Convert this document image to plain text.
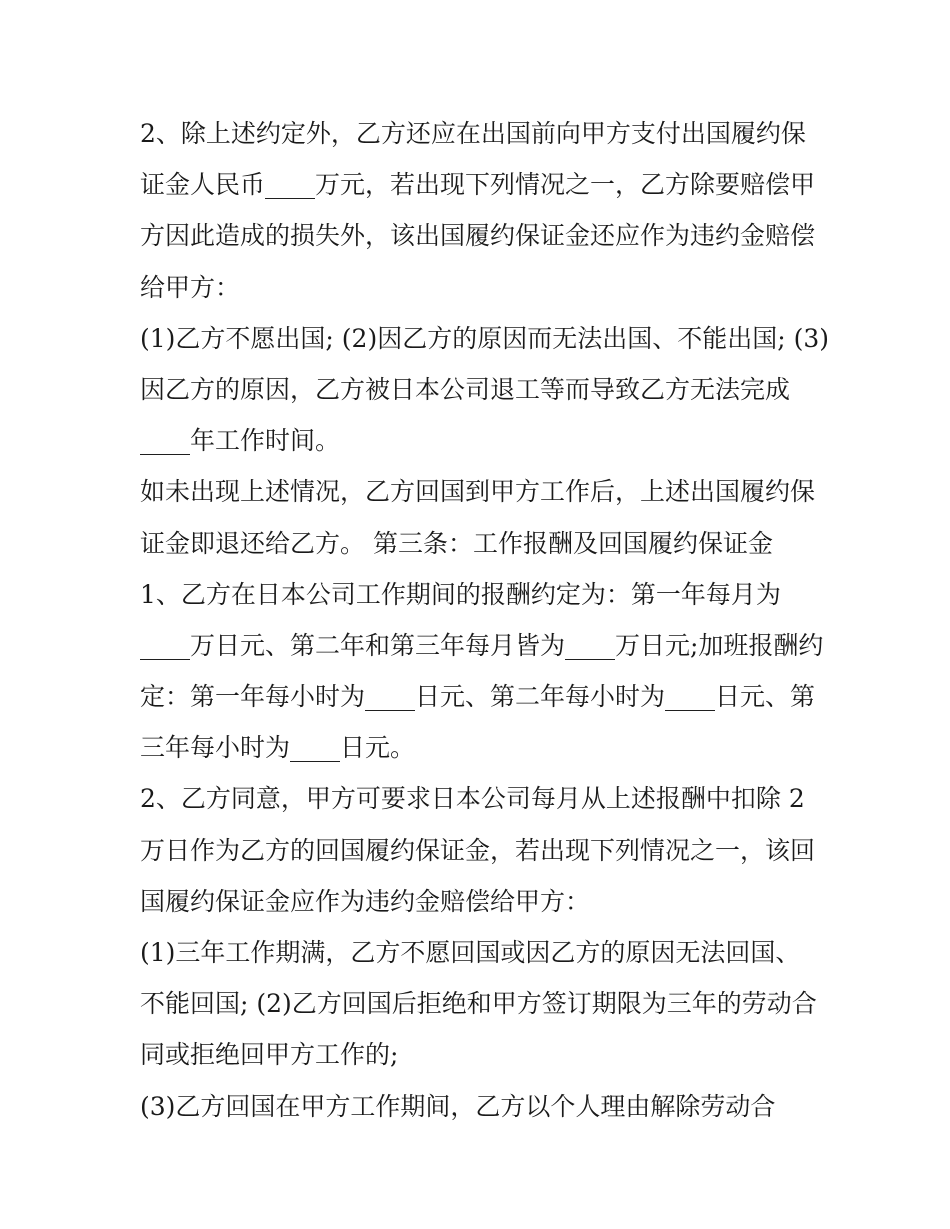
2、除上述约定外，乙方还应在出国前向甲方支付出国履约保
证金人民币____万元，若出现下列情况之一，乙方除要赔偿甲
方因此造成的损失外，该出国履约保证金还应作为违约金赔偿
给甲方：
(1)乙方不愿出国; (2)因乙方的原因而无法出国、不能出国; (3)
因乙方的原因，乙方被日本公司退工等而导致乙方无法完成
____年工作时间。
如未出现上述情况，乙方回国到甲方工作后，上述出国履约保
证金即退还给乙方。 第三条：工作报酬及回国履约保证金
1、乙方在日本公司工作期间的报酬约定为：第一年每月为
____万日元、第二年和第三年每月皆为____万日元;加班报酬约
定：第一年每小时为____日元、第二年每小时为____日元、第
三年每小时为____日元。
2、乙方同意，甲方可要求日本公司每月从上述报酬中扣除 2
万日作为乙方的回国履约保证金，若出现下列情况之一，该回
国履约保证金应作为违约金赔偿给甲方：
(1)三年工作期满，乙方不愿回国或因乙方的原因无法回国、
不能回国; (2)乙方回国后拒绝和甲方签订期限为三年的劳动合
同或拒绝回甲方工作的;
(3)乙方回国在甲方工作期间，乙方以个人理由解除劳动合
